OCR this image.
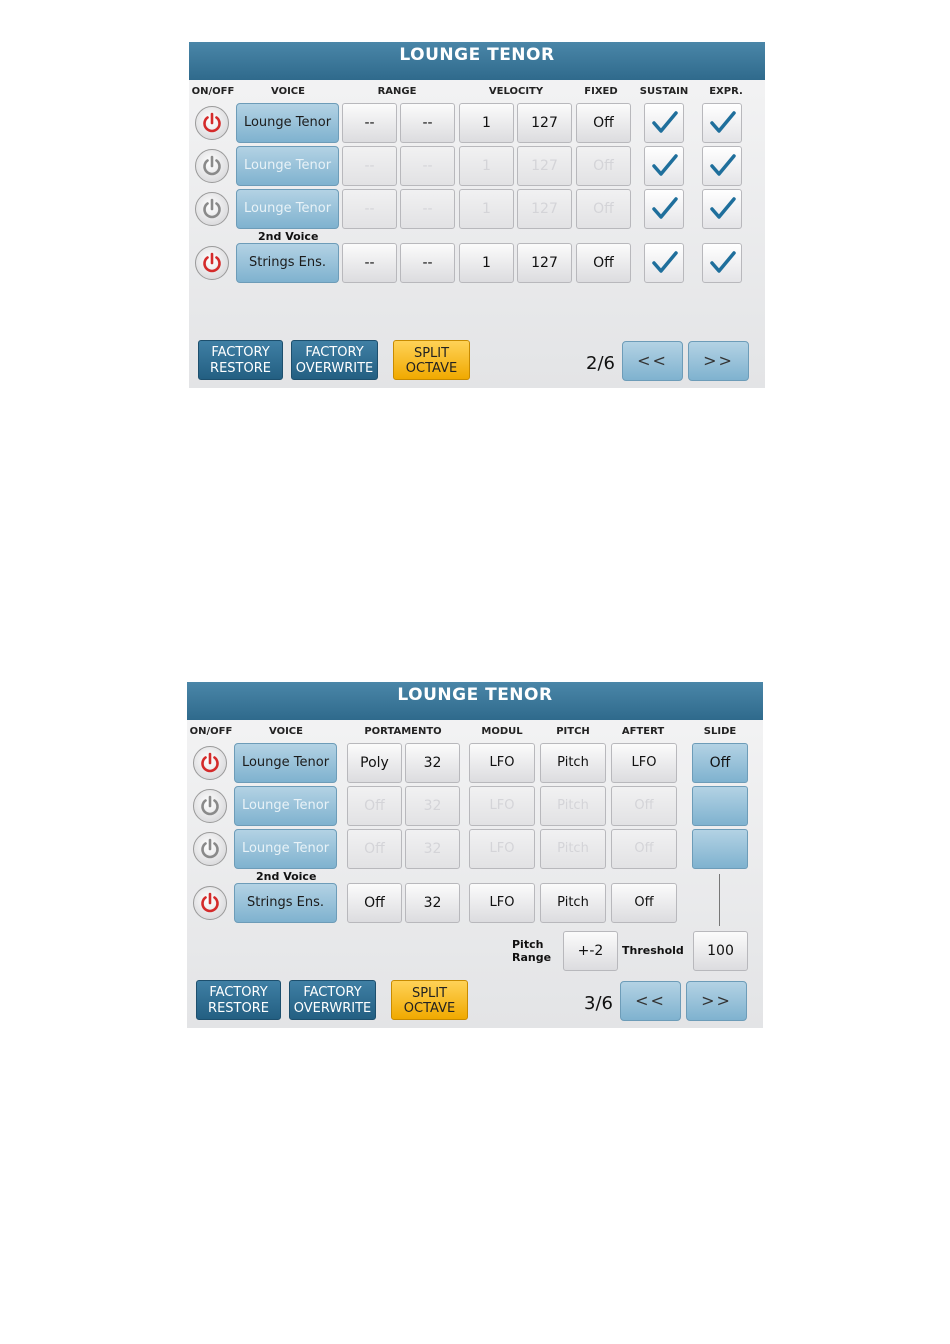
LOUNGE TENOR
ON/OFF	VOICE	RANGE	VELOCITY	FIXED SUSTAIN EXPR.
Lounge Tenor	--	--	1	127	Off
Lounge Tenor	--	--	1	127	Off
Lounge Tenor	--	--	1	127	Off
2nd Voice
Strings Ens.	--	--	1	127	Off
FACTORY
RESTORE
FACTORY
OVERWRITE
SPLIT
OCTAVE	2/6	<<	>>
LOUNGE TENOR
ON/OFF	VOICE	PORTAMENTO	MODUL	PITCH	AFTERT	SLIDE
Lounge Tenor	Poly	32	LFO	Pitch	LFO	Off
Lounge Tenor	Off	32	LFO	Pitch	Off
Lounge Tenor	Off	32	LFO	Pitch	Off
2nd Voice
Strings Ens.	Off	32	LFO	Pitch	Off
Pitch
Range	+-2	Threshold	100
FACTORY
RESTORE
FACTORY
OVERWRITE
SPLIT
OCTAVE	3/6	<<	>>
